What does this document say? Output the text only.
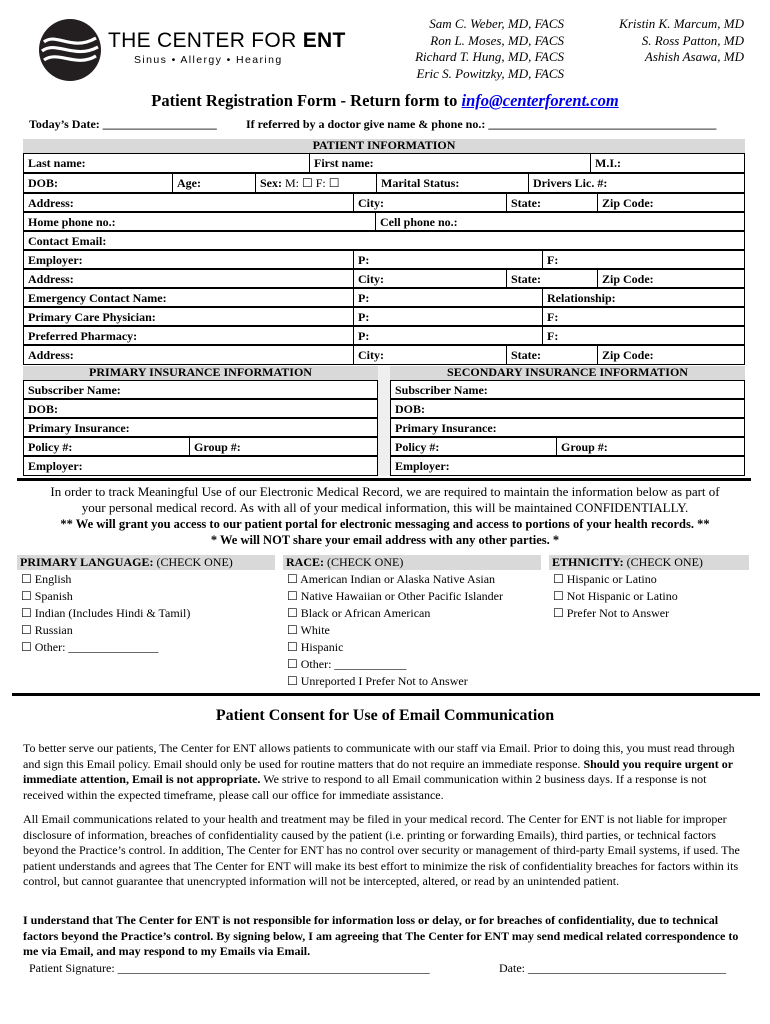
THE CENTER FOR ENT
Sinus • Allergy • Hearing
Sam C. Weber, MD, FACS
Ron L. Moses, MD, FACS
Richard T. Hung, MD, FACS
Eric S. Powitzky, MD, FACS
Kristin K. Marcum, MD
S. Ross Patton, MD
Ashish Asawa, MD
Patient Registration Form - Return form to info@centerforent.com
Today’s Date: ___________________ If referred by a doctor give name & phone no.: ______________________________________
PATIENT INFORMATION
Last name:	First name:	M.I.:
DOB:	Age:	Sex: M: ☐ F: ☐	Marital Status:	Drivers Lic. #:
Address:	City:	State:	Zip Code:
Home phone no.:	Cell phone no.:
Contact Email:
Employer:	P:	F:
Address:	City:	State:	Zip Code:
Emergency Contact Name:	P:	Relationship:
Primary Care Physician:	P:	F:
Preferred Pharmacy:	P:	F:
Address:	City:	State:	Zip Code:
PRIMARY INSURANCE INFORMATION	SECONDARY INSURANCE INFORMATION
Subscriber Name:
DOB:
Primary Insurance:
Policy #:	Group #:
Employer:
Subscriber Name:
DOB:
Primary Insurance:
Policy #:	Group #:
Employer:
In order to track Meaningful Use of our Electronic Medical Record, we are required to maintain the information below as part of
your personal medical record. As with all of your medical information, this will be maintained CONFIDENTIALLY.
** We will grant you access to our patient portal for electronic messaging and access to portions of your health records. **
* We will NOT share your email address with any other parties. *
PRIMARY LANGUAGE: (CHECK ONE)	RACE: (CHECK ONE)	ETHNICITY: (CHECK ONE)
☐ English
☐ Spanish
☐ Indian (Includes Hindi & Tamil)
☐ Russian
☐ Other: _______________
☐ American Indian or Alaska Native Asian
☐ Native Hawaiian or Other Pacific Islander
☐ Black or African American
☐ White
☐ Hispanic
☐ Other: ____________
☐ Unreported I Prefer Not to Answer
☐ Hispanic or Latino
☐ Not Hispanic or Latino
☐ Prefer Not to Answer
Patient Consent for Use of Email Communication
To better serve our patients, The Center for ENT allows patients to communicate with our staff via Email. Prior to doing this, you must read through and sign this Email policy. Email should only be used for routine matters that do not require an immediate response. Should you require urgent or immediate attention, Email is not appropriate. We strive to respond to all Email communication within 2 business days. If a response is not received within the expected timeframe, please call our office for immediate assistance.
All Email communications related to your health and treatment may be filed in your medical record. The Center for ENT is not liable for improper disclosure of information, breaches of confidentiality caused by the patient (i.e. printing or forwarding Emails), third parties, or technical factors beyond the Practice’s control. In addition, The Center for ENT has no control over security or management of third-party Email systems, if used. The patient understands and agrees that The Center for ENT will make its best effort to minimize the risk of confidentiality breaches for factors within its control, but cannot guarantee that unencrypted information will not be intercepted, altered, or read by an unintended patient.
I understand that The Center for ENT is not responsible for information loss or delay, or for breaches of confidentiality, due to technical factors beyond the Practice’s control. By signing below, I am agreeing that The Center for ENT may send medical related correspondence to me via Email, and may respond to my Emails via Email.
Patient Signature: ____________________________________________________	Date: _________________________________
